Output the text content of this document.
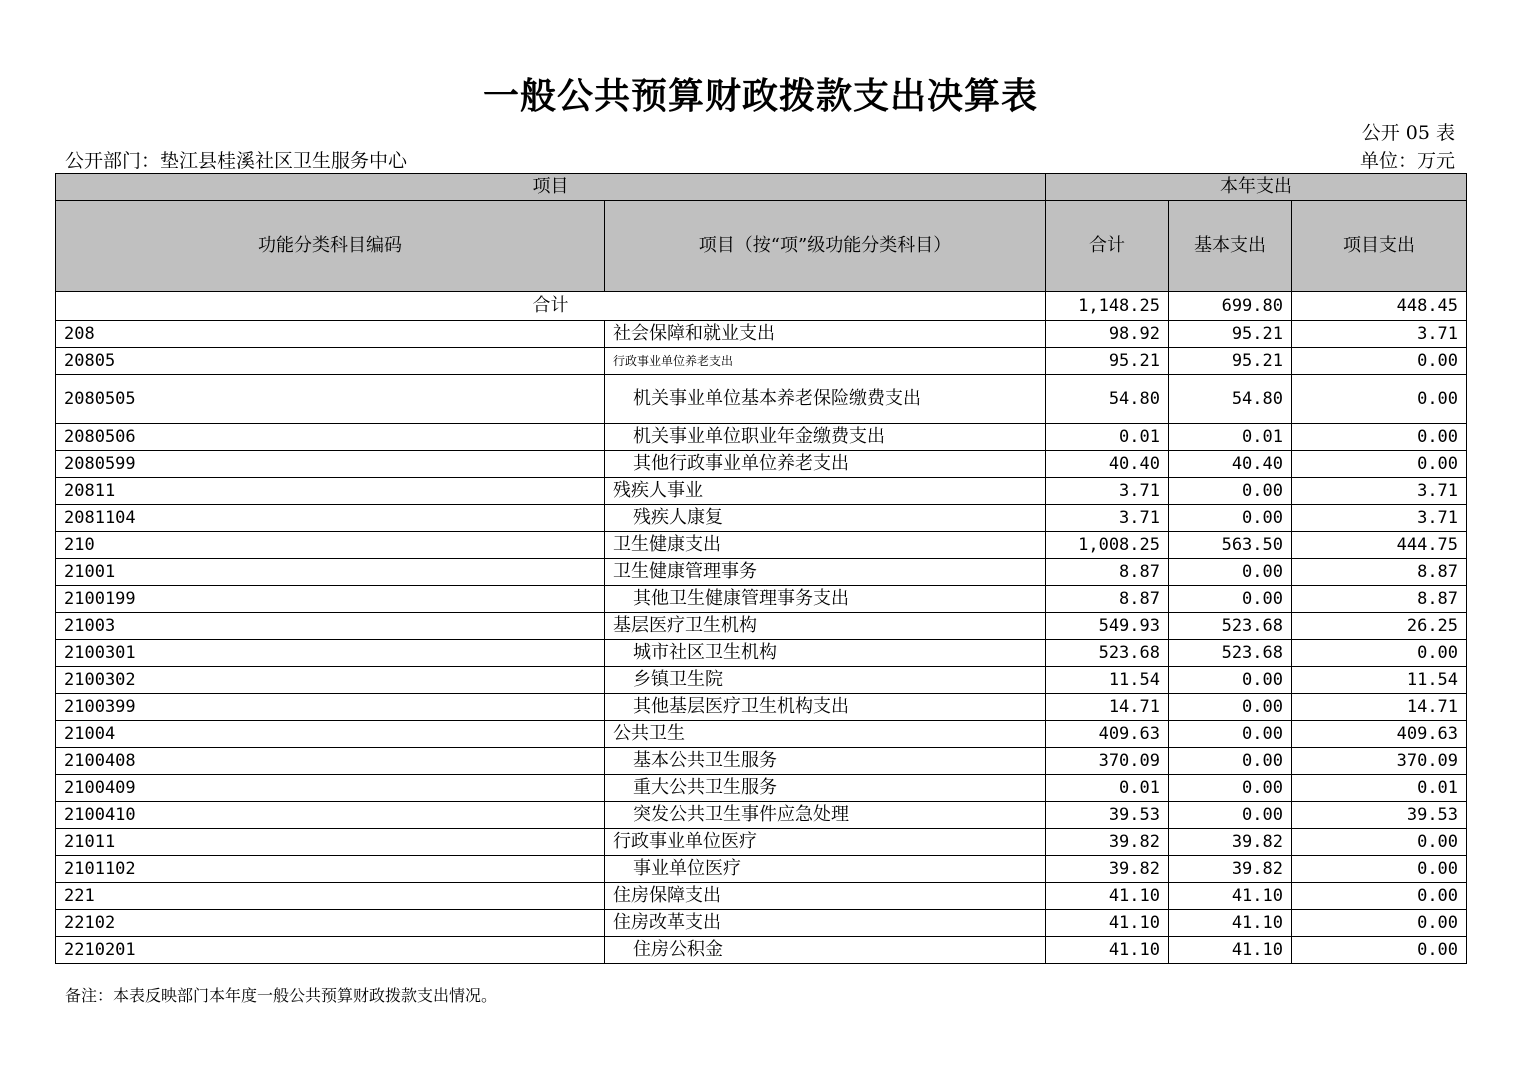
一般公共预算财政拨款支出决算表
公开 05 表
公开部门：垫江县桂溪社区卫生服务中心	单位：万元
项目		本年支出		
功能分类科目编码	项目（按“项”级功能分类科目）	合计	基本支出	项目支出
合计		1,148.25	699.80	448.45
208	社会保障和就业支出	98.92	95.21	3.71
20805	行政事业单位养老支出	95.21	95.21	0.00
2080505	机关事业单位基本养老保险缴费支出	54.80	54.80	0.00
2080506	机关事业单位职业年金缴费支出	0.01	0.01	0.00
2080599	其他行政事业单位养老支出	40.40	40.40	0.00
20811	残疾人事业	3.71	0.00	3.71
2081104	残疾人康复	3.71	0.00	3.71
210	卫生健康支出	1,008.25	563.50	444.75
21001	卫生健康管理事务	8.87	0.00	8.87
2100199	其他卫生健康管理事务支出	8.87	0.00	8.87
21003	基层医疗卫生机构	549.93	523.68	26.25
2100301	城市社区卫生机构	523.68	523.68	0.00
2100302	乡镇卫生院	11.54	0.00	11.54
2100399	其他基层医疗卫生机构支出	14.71	0.00	14.71
21004	公共卫生	409.63	0.00	409.63
2100408	基本公共卫生服务	370.09	0.00	370.09
2100409	重大公共卫生服务	0.01	0.00	0.01
2100410	突发公共卫生事件应急处理	39.53	0.00	39.53
21011	行政事业单位医疗	39.82	39.82	0.00
2101102	事业单位医疗	39.82	39.82	0.00
221	住房保障支出	41.10	41.10	0.00
22102	住房改革支出	41.10	41.10	0.00
2210201	住房公积金	41.10	41.10	0.00
备注：本表反映部门本年度一般公共预算财政拨款支出情况。
